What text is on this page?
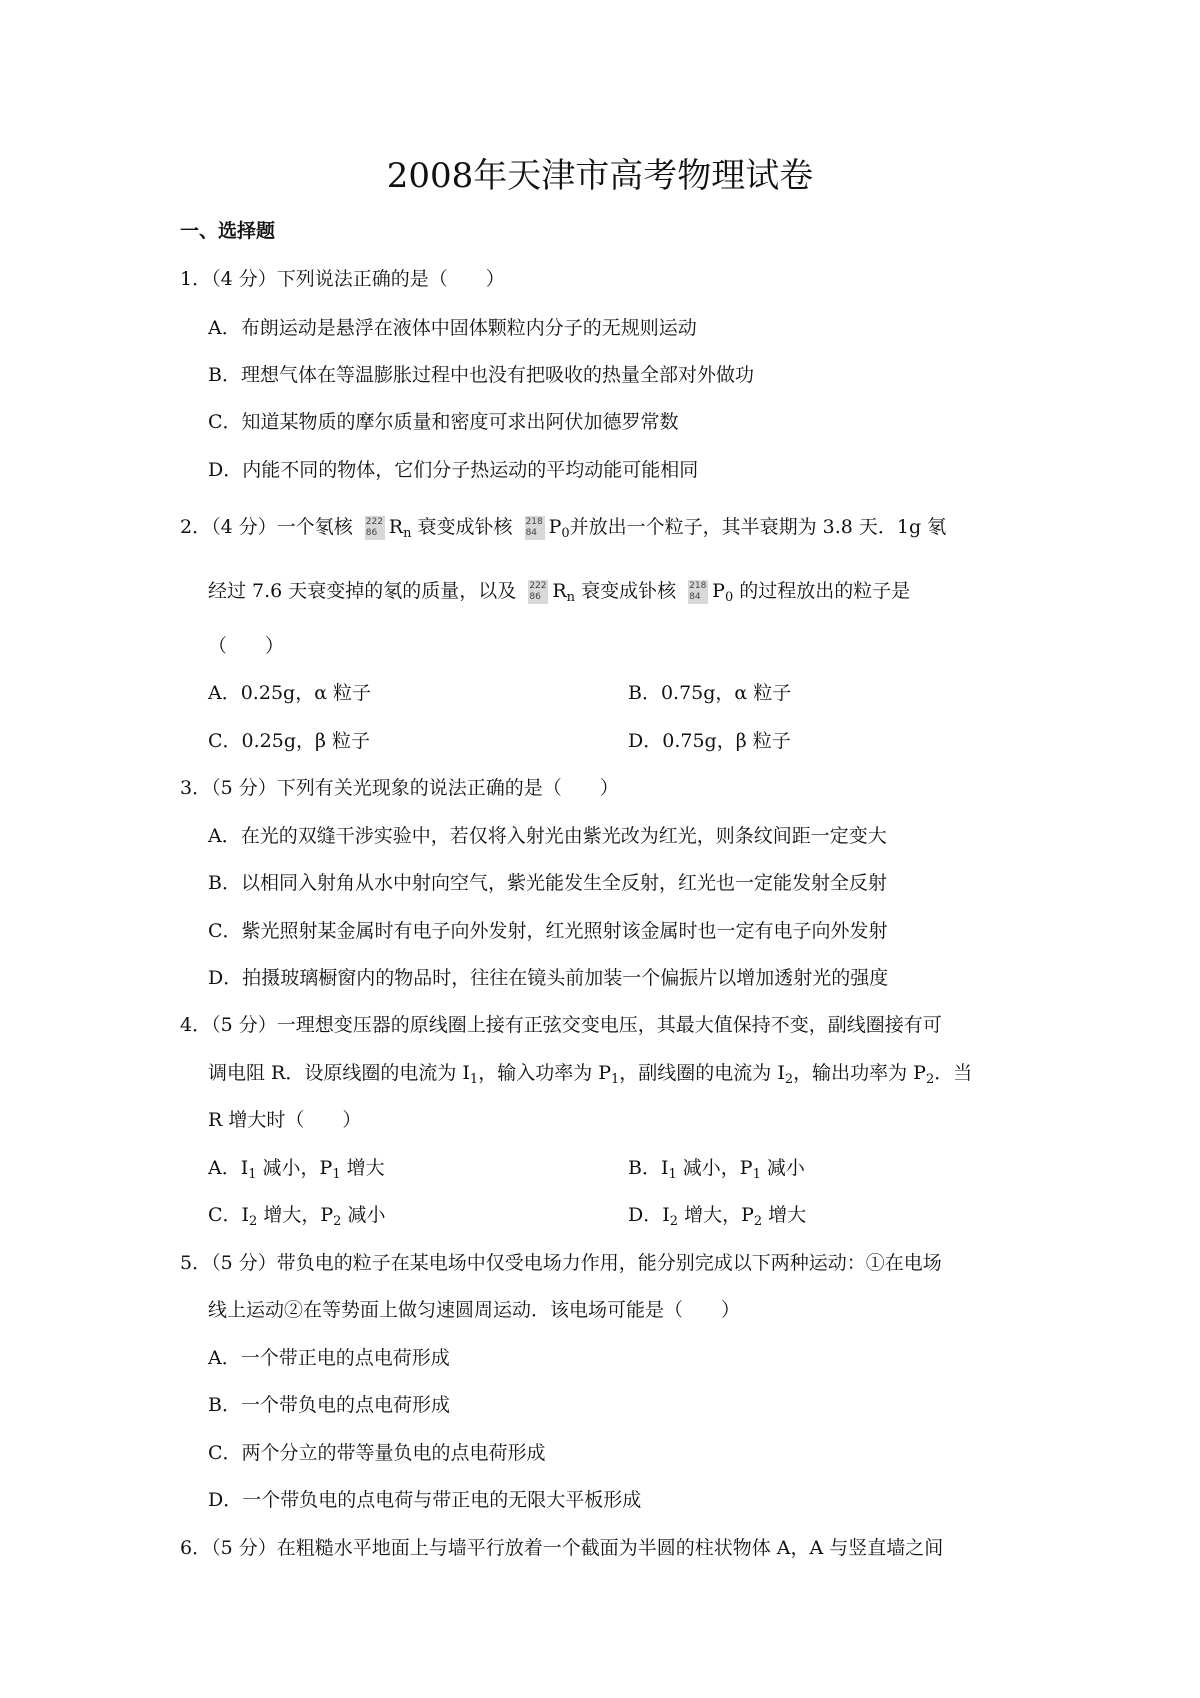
2008年天津市高考物理试卷
一、选择题
1．（4 分）下列说法正确的是（　　）
A．布朗运动是悬浮在液体中固体颗粒内分子的无规则运动
B．理想气体在等温膨胀过程中也没有把吸收的热量全部对外做功
C．知道某物质的摩尔质量和密度可求出阿伏加德罗常数
D．内能不同的物体，它们分子热运动的平均动能可能相同
2．（4 分）一个氡核 222
86 $R_n$ 衰变成钋核 218
84 $P_0$并放出一个粒子，其半衰期为 3.8 天．1g 氡
经过 7.6 天衰变掉的氡的质量，以及 222
86 $R_n$ 衰变成钋核 218
84 $P_0$ 的过程放出的粒子是
（　　）
A．0.25g，α 粒子	B．0.75g，α 粒子
C．0.25g，β 粒子	D．0.75g，β 粒子
3．（5 分）下列有关光现象的说法正确的是（　　）
A．在光的双缝干涉实验中，若仅将入射光由紫光改为红光，则条纹间距一定变大
B．以相同入射角从水中射向空气，紫光能发生全反射，红光也一定能发射全反射
C．紫光照射某金属时有电子向外发射，红光照射该金属时也一定有电子向外发射
D．拍摄玻璃橱窗内的物品时，往往在镜头前加装一个偏振片以增加透射光的强度
4．（5 分）一理想变压器的原线圈上接有正弦交变电压，其最大值保持不变，副线圈接有可
调电阻 R．设原线圈的电流为 $I_1$，输入功率为 $P_1$，副线圈的电流为 $I_2$，输出功率为 $P_2$．当
R 增大时（　　）
A．$I_1$ 减小，$P_1$ 增大	B．$I_1$ 减小，$P_1$ 减小
C．$I_2$ 增大，$P_2$ 减小	D．$I_2$ 增大，$P_2$ 增大
5．（5 分）带负电的粒子在某电场中仅受电场力作用，能分别完成以下两种运动：①在电场
线上运动②在等势面上做匀速圆周运动．该电场可能是（　　）
A．一个带正电的点电荷形成
B．一个带负电的点电荷形成
C．两个分立的带等量负电的点电荷形成
D．一个带负电的点电荷与带正电的无限大平板形成
6．（5 分）在粗糙水平地面上与墙平行放着一个截面为半圆的柱状物体 A，A 与竖直墙之间
